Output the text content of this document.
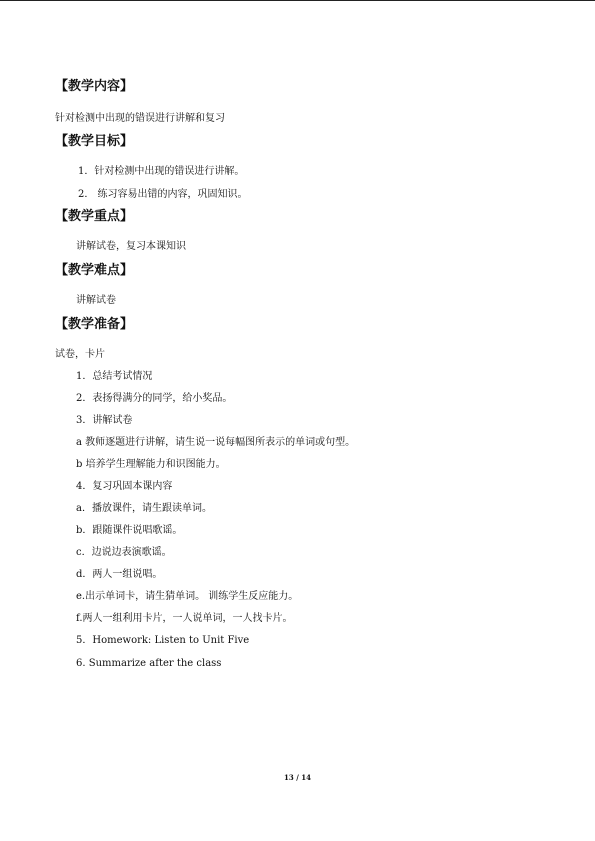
【教学内容】
针对检测中出现的错误进行讲解和复习
【教学目标】
1．针对检测中出现的错误进行讲解。
2． 练习容易出错的内容，巩固知识。
【教学重点】
讲解试卷，复习本课知识
【教学难点】
讲解试卷
【教学准备】
试卷，卡片
1．总结考试情况
2．表扬得满分的同学，给小奖品。
3．讲解试卷
a 教师逐题进行讲解，请生说一说每幅图所表示的单词或句型。
b 培养学生理解能力和识图能力。
4．复习巩固本课内容
a．播放课件，请生跟读单词。
b．跟随课件说唱歌谣。
c．边说边表演歌谣。
d．两人一组说唱。
e.出示单词卡，请生猜单词。 训练学生反应能力。
f.两人一组利用卡片，一人说单词，一人找卡片。
5．Homework: Listen to Unit Five
6. Summarize after the class
13 / 14
